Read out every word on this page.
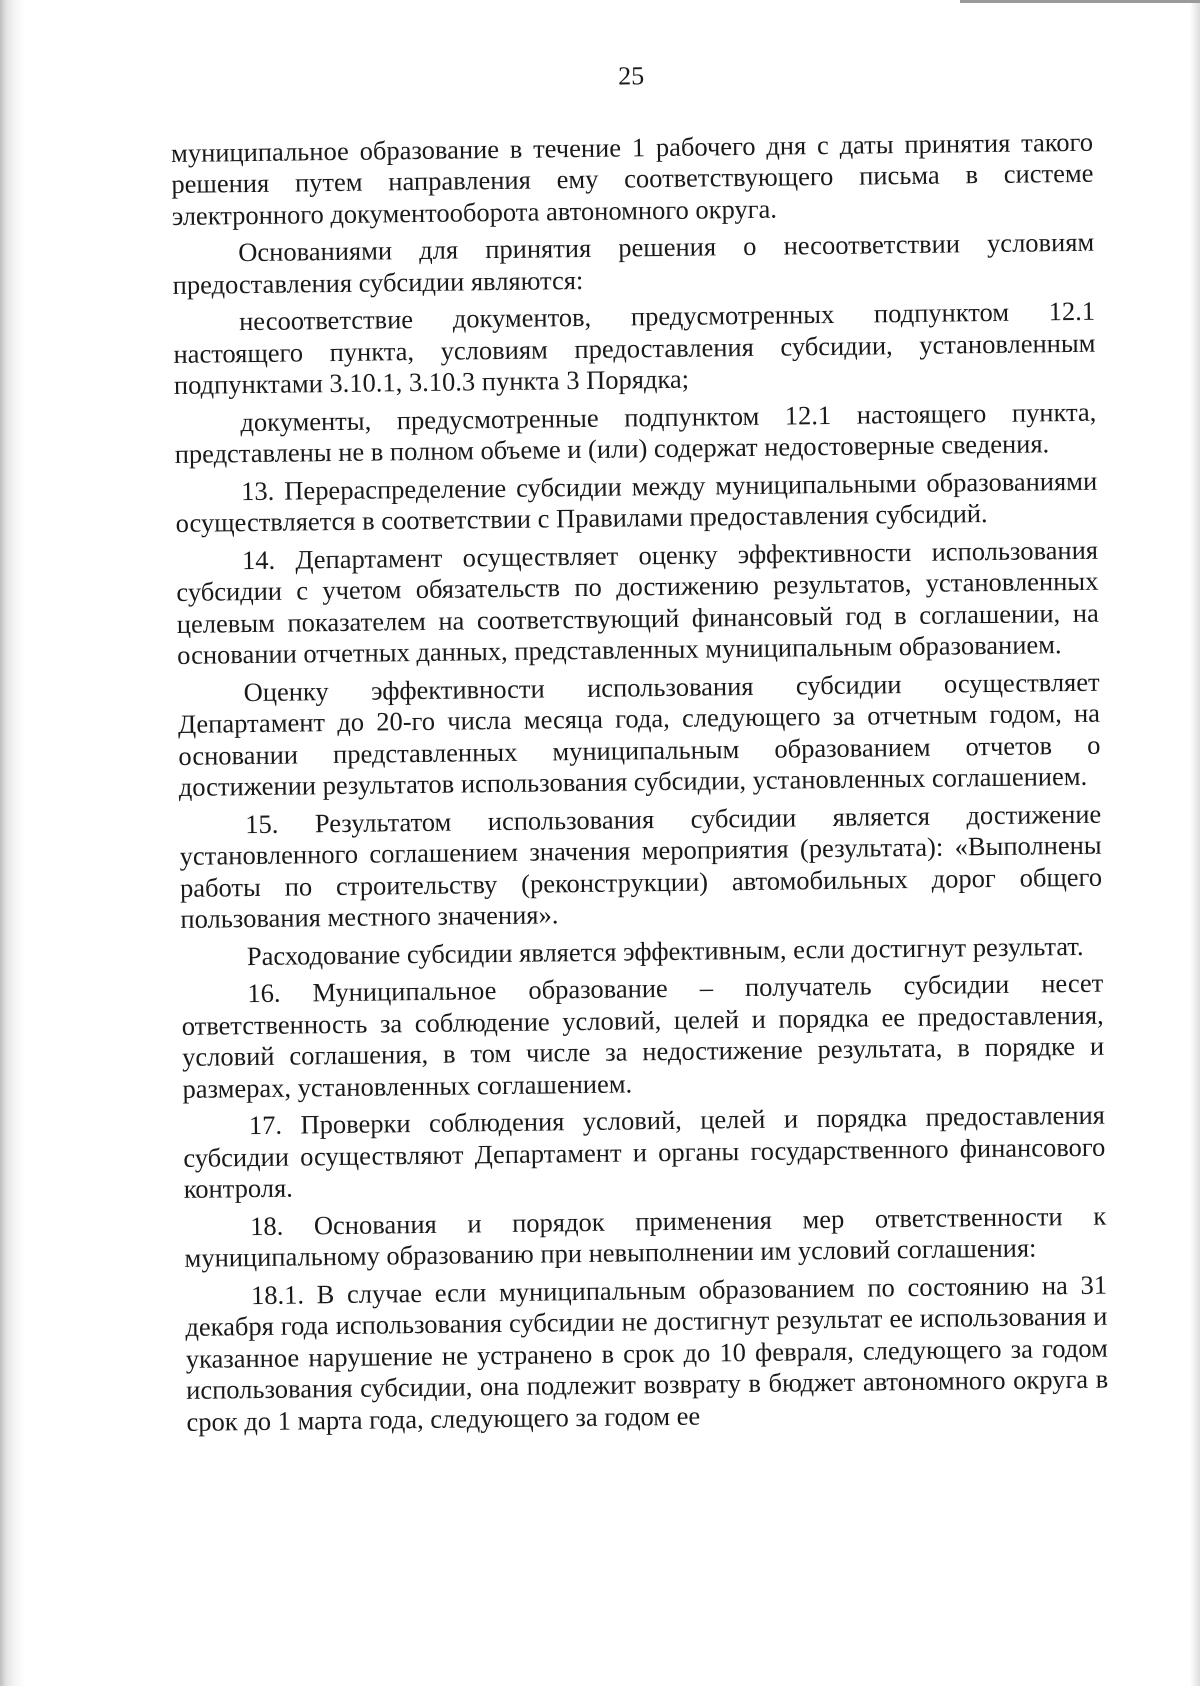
25

муниципальное образование в течение 1 рабочего дня с даты принятия такого решения путем направления ему соответствующего письма в системе электронного документооборота автономного округа.

Основаниями для принятия решения о несоответствии условиям предоставления субсидии являются:

несоответствие документов, предусмотренных подпунктом 12.1 настоящего пункта, условиям предоставления субсидии, установленным подпунктами 3.10.1, 3.10.3 пункта 3 Порядка;

документы, предусмотренные подпунктом 12.1 настоящего пункта, представлены не в полном объеме и (или) содержат недостоверные сведения.

13. Перераспределение субсидии между муниципальными образованиями осуществляется в соответствии с Правилами предоставления субсидий.

14. Департамент осуществляет оценку эффективности использования субсидии с учетом обязательств по достижению результатов, установленных целевым показателем на соответствующий финансовый год в соглашении, на основании отчетных данных, представленных муниципальным образованием.

Оценку эффективности использования субсидии осуществляет Департамент до 20-го числа месяца года, следующего за отчетным годом, на основании представленных муниципальным образованием отчетов о достижении результатов использования субсидии, установленных соглашением.

15. Результатом использования субсидии является достижение установленного соглашением значения мероприятия (результата): «Выполнены работы по строительству (реконструкции) автомобильных дорог общего пользования местного значения».

Расходование субсидии является эффективным, если достигнут результат.

16. Муниципальное образование – получатель субсидии несет ответственность за соблюдение условий, целей и порядка ее предоставления, условий соглашения, в том числе за недостижение результата, в порядке и размерах, установленных соглашением.

17. Проверки соблюдения условий, целей и порядка предоставления субсидии осуществляют Департамент и органы государственного финансового контроля.

18. Основания и порядок применения мер ответственности к муниципальному образованию при невыполнении им условий соглашения:

18.1. В случае если муниципальным образованием по состоянию на 31 декабря года использования субсидии не достигнут результат ее использования и указанное нарушение не устранено в срок до 10 февраля, следующего за годом использования субсидии, она подлежит возврату в бюджет автономного округа в срок до 1 марта года, следующего за годом ее
